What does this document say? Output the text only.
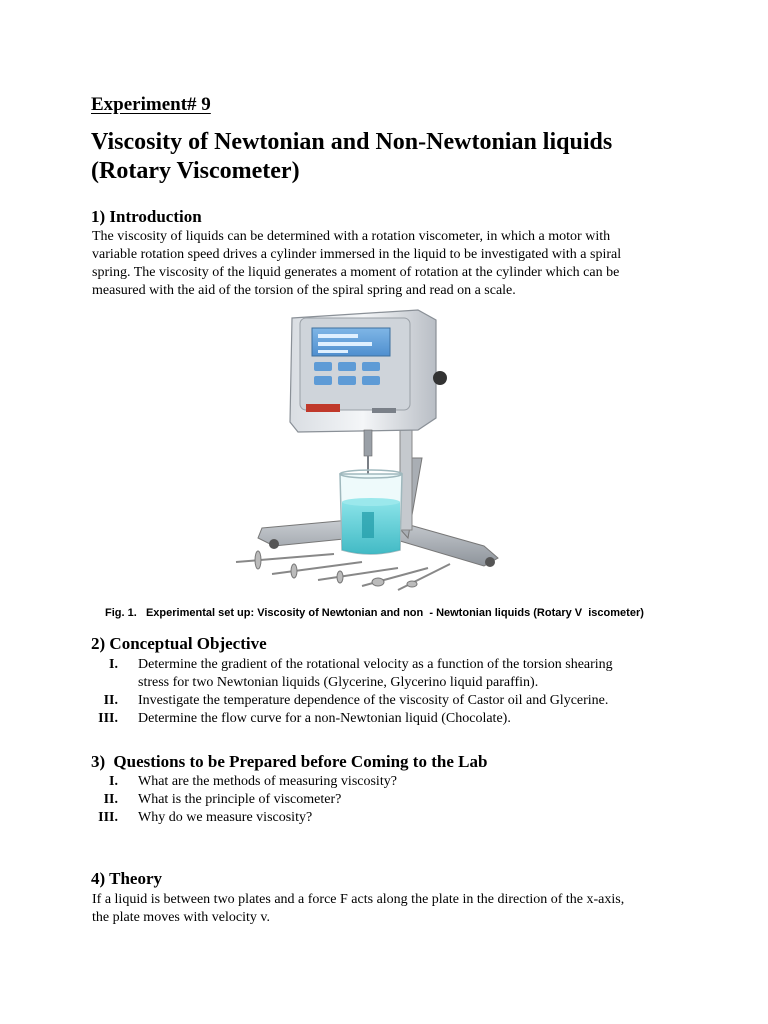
Experiment# 9
Viscosity of Newtonian and Non-Newtonian liquids
(Rotary Viscometer)
1) Introduction
The viscosity of liquids can be determined with a rotation viscometer, in which a motor with
variable rotation speed drives a cylinder immersed in the liquid to be investigated with a spiral
spring. The viscosity of the liquid generates a moment of rotation at the cylinder which can be
measured with the aid of the torsion of the spiral spring and read on a scale.
Fig. 1.   Experimental set up: Viscosity of Newtonian and non  - Newtonian liquids (Rotary V  iscometer)
2) Conceptual Objective
I. Determine the gradient of the rotational velocity as a function of the torsion shearing
stress for two Newtonian liquids (Glycerine, Glycerino liquid paraffin).
II. Investigate the temperature dependence of the viscosity of Castor oil and Glycerine.
III. Determine the flow curve for a non-Newtonian liquid (Chocolate).
3) Questions to be Prepared before Coming to the Lab
I. What are the methods of measuring viscosity?
II. What is the principle of viscometer?
III. Why do we measure viscosity?
4) Theory
If a liquid is between two plates and a force F acts along the plate in the direction of the x-axis,
the plate moves with velocity v.
